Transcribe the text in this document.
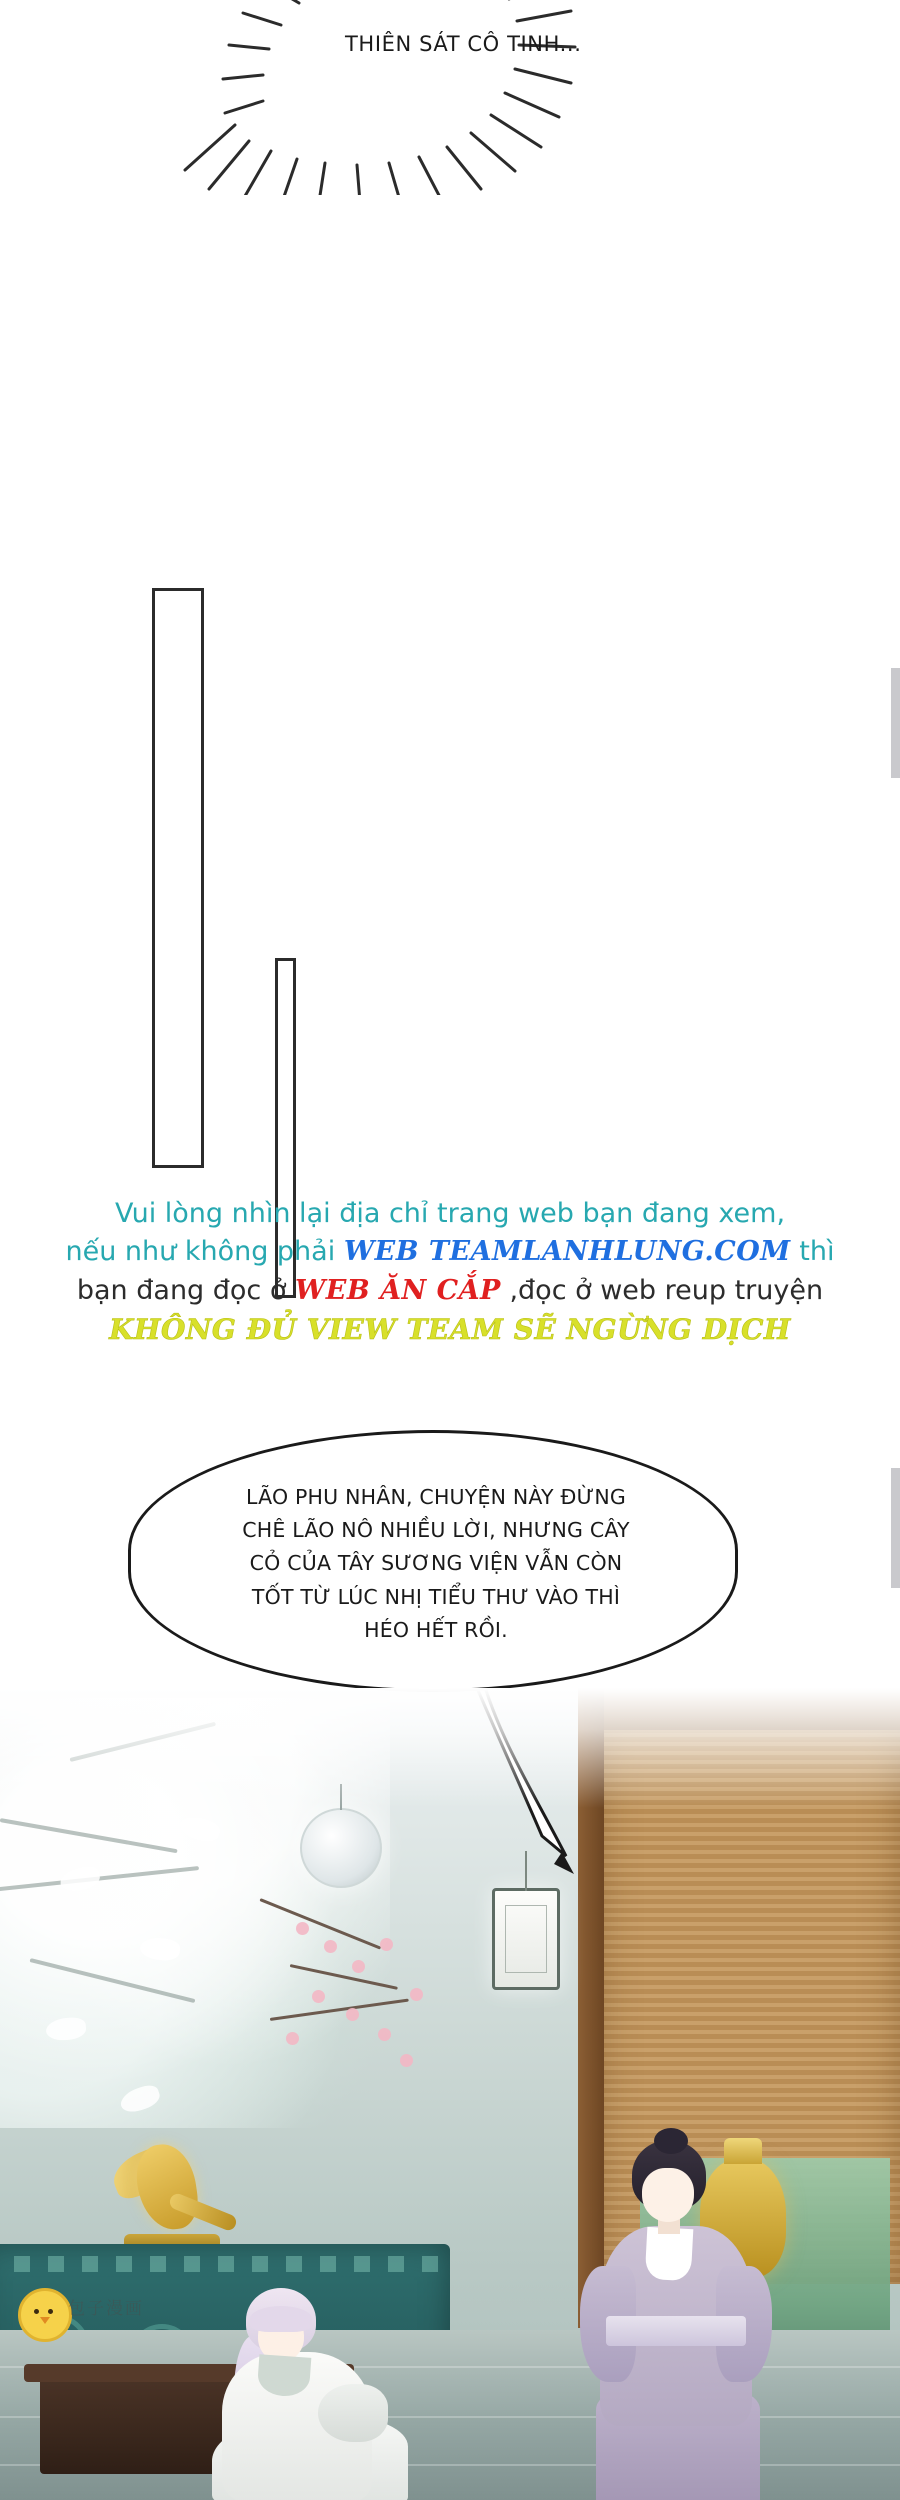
THIÊN SÁT CÔ TINH...
Vui lòng nhìn lại địa chỉ trang web bạn đang xem,
nếu như không phải WEB TEAMLANHLUNG.COM thì
bạn đang đọc ở WEB ĂN CẮP ,đọc ở web reup truyện
KHÔNG ĐỦ VIEW TEAM SẼ NGỪNG DỊCH
LÃO PHU NHÂN, CHUYỆN NÀY ĐỪNG
CHÊ LÃO NÔ NHIỀU LỜI, NHƯNG CÂY
CỎ CỦA TÂY SƯƠNG VIỆN VẪN CÒN
TỐT TỪ LÚC NHỊ TIỂU THƯ VÀO THÌ
HÉO HẾT RỒI.
包子漫画
